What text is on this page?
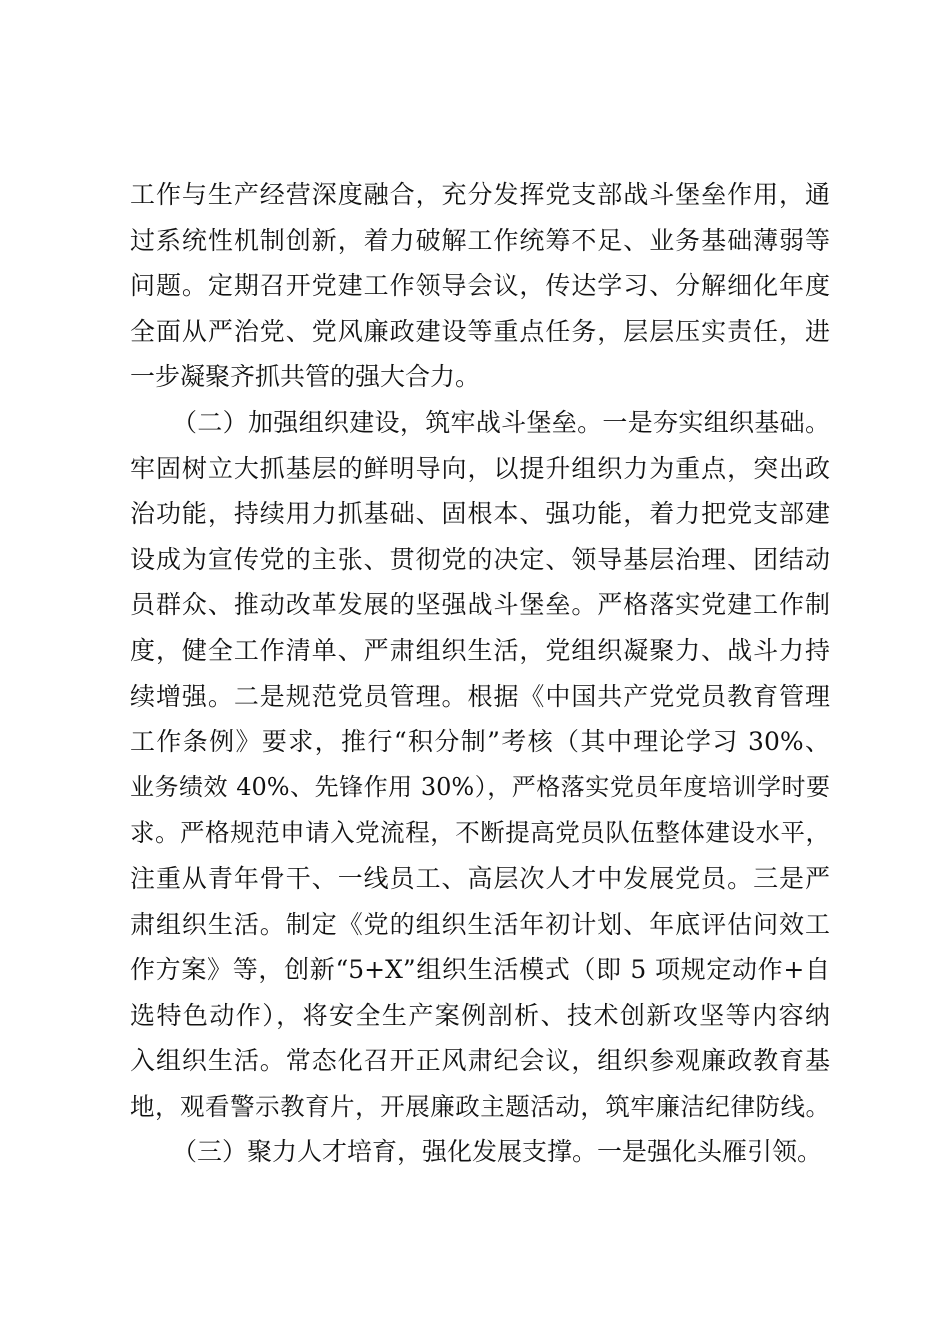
工作与生产经营深度融合，充分发挥党支部战斗堡垒作用，通
过系统性机制创新，着力破解工作统筹不足、业务基础薄弱等
问题。定期召开党建工作领导会议，传达学习、分解细化年度
全面从严治党、党风廉政建设等重点任务，层层压实责任，进
一步凝聚齐抓共管的强大合力。
（二）加强组织建设，筑牢战斗堡垒。一是夯实组织基础。
牢固树立大抓基层的鲜明导向，以提升组织力为重点，突出政
治功能，持续用力抓基础、固根本、强功能，着力把党支部建
设成为宣传党的主张、贯彻党的决定、领导基层治理、团结动
员群众、推动改革发展的坚强战斗堡垒。严格落实党建工作制
度，健全工作清单、严肃组织生活，党组织凝聚力、战斗力持
续增强。二是规范党员管理。根据《中国共产党党员教育管理
工作条例》要求，推行“积分制”考核（其中理论学习 30%、
业务绩效 40%、先锋作用 30%），严格落实党员年度培训学时要
求。严格规范申请入党流程，不断提高党员队伍整体建设水平，
注重从青年骨干、一线员工、高层次人才中发展党员。三是严
肃组织生活。制定《党的组织生活年初计划、年底评估问效工
作方案》等，创新“5+X”组织生活模式（即 5 项规定动作+自
选特色动作），将安全生产案例剖析、技术创新攻坚等内容纳
入组织生活。常态化召开正风肃纪会议，组织参观廉政教育基
地，观看警示教育片，开展廉政主题活动，筑牢廉洁纪律防线。
（三）聚力人才培育，强化发展支撑。一是强化头雁引领。
